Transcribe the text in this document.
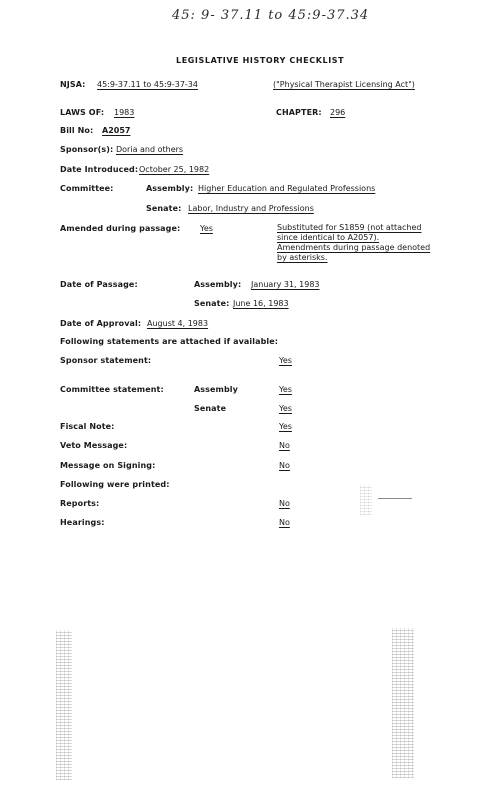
45: 9- 37.11 to 45:9-37.34
LEGISLATIVE HISTORY CHECKLIST
NJSA: 45:9-37.11 to 45:9-37-34	("Physical Therapist Licensing Act")
LAWS OF: 1983	CHAPTER: 296
Bill No: A2057
Sponsor(s): Doria and others
Date Introduced: October 25, 1982
Committee:	Assembly: Higher Education and Regulated Professions
Senate: Labor, Industry and Professions
Amended during passage: Yes	Substituted for S1859 (not attached
since identical to A2057).
Amendments during passage denoted
by asterisks.
Date of Passage:	Assembly: January 31, 1983
Senate: June 16, 1983
Date of Approval: August 4, 1983
Following statements are attached if available:
Sponsor statement:	Yes
Committee statement:	Assembly	Yes
Senate	Yes
Fiscal Note:	Yes
Veto Message:	No
Message on Signing:	No
Following were printed:
Reports:	No
Hearings:	No
